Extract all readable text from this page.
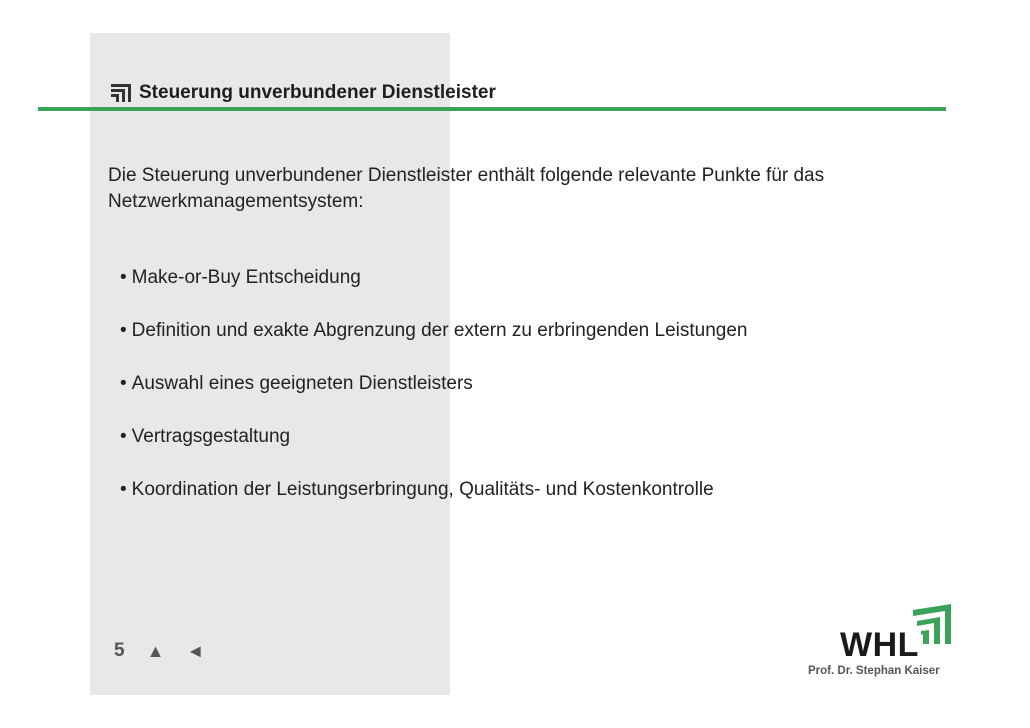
Steuerung unverbundener Dienstleister

Die Steuerung unverbundener Dienstleister enthält folgende relevante Punkte für das Netzwerkmanagementsystem:

• Make-or-Buy Entscheidung
• Definition und exakte Abgrenzung der extern zu erbringenden Leistungen
• Auswahl eines geeigneten Dienstleisters
• Vertragsgestaltung
• Koordination der Leistungserbringung, Qualitäts- und Kostenkontrolle
5 ▲ ◄	WHL
Prof. Dr. Stephan Kaiser
